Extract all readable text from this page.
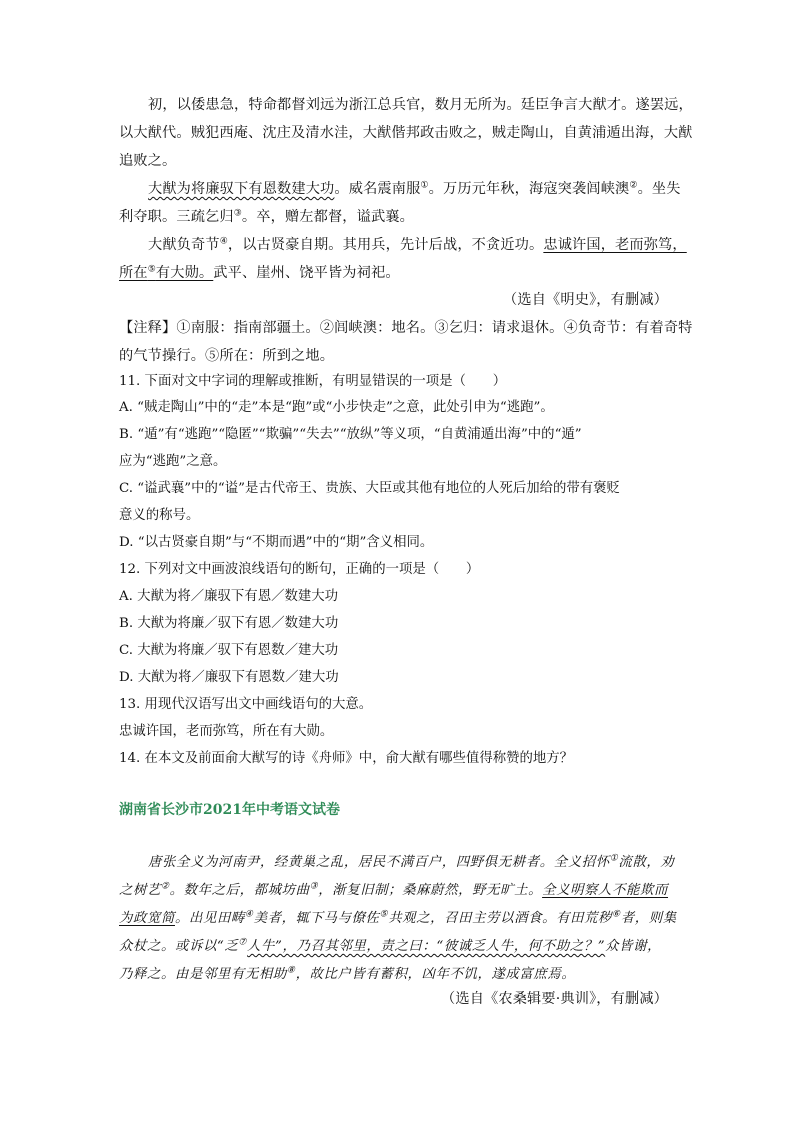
初，以倭患急，特命都督刘远为浙江总兵官，数月无所为。廷臣争言大猷才。遂罢远，
以大猷代。贼犯西庵、沈庄及清水洼，大猷偕邦政击败之，贼走陶山，自黄浦遁出海，大猷
追败之。
大猷为将廉驭下有恩数建大功。威名震南服①。万历元年秋，海寇突袭闾峡澳②。坐失
利夺职。三疏乞归③。卒，赠左都督，谥武襄。
大猷负奇节④，以古贤豪自期。其用兵，先计后战，不贪近功。忠诚许国，老而弥笃，
所在⑤有大勋。武平、崖州、饶平皆为祠祀。
（选自《明史》，有删减）
【注释】①南服：指南部疆土。②闾峡澳：地名。③乞归：请求退休。④负奇节：有着奇特
的气节操行。⑤所在：所到之地。
11. 下面对文中字词的理解或推断，有明显错误的一项是（　　）
A. “贼走陶山”中的“走”本是“跑”或“小步快走”之意，此处引申为“逃跑”。
B. “遁”有“逃跑”“隐匿”“欺骗”“失去”“放纵”等义项，“自黄浦遁出海”中的“遁”
应为“逃跑”之意。
C. “谥武襄”中的“谥”是古代帝王、贵族、大臣或其他有地位的人死后加给的带有褒贬
意义的称号。
D. “以古贤豪自期”与“不期而遇”中的“期”含义相同。
12. 下列对文中画波浪线语句的断句，正确的一项是（　　）
A. 大猷为将／廉驭下有恩／数建大功
B. 大猷为将廉／驭下有恩／数建大功
C. 大猷为将廉／驭下有恩数／建大功
D. 大猷为将／廉驭下有恩数／建大功
13. 用现代汉语写出文中画线语句的大意。
忠诚许国，老而弥笃，所在有大勋。
14. 在本文及前面俞大猷写的诗《舟师》中，俞大猷有哪些值得称赞的地方？
湖南省长沙市2021年中考语文试卷
唐张全义为河南尹，经黄巢之乱，居民不满百户，四野俱无耕者。全义招怀①流散，劝
之树艺②。数年之后，都城坊曲③，渐复旧制；桑麻蔚然，野无旷土。全义明察人不能欺而
为政宽简。出见田畴④美者，辄下马与僚佐⑤共观之，召田主劳以酒食。有田荒秽⑥者，则集
众杖之。或诉以“乏⑦人牛”，乃召其邻里，责之曰：“彼诚乏人牛，何不助之？”众皆谢，
乃释之。由是邻里有无相助⑧，故比户皆有蓄积，凶年不饥，遂成富庶焉。
（选自《农桑辑要·典训》，有删减）
